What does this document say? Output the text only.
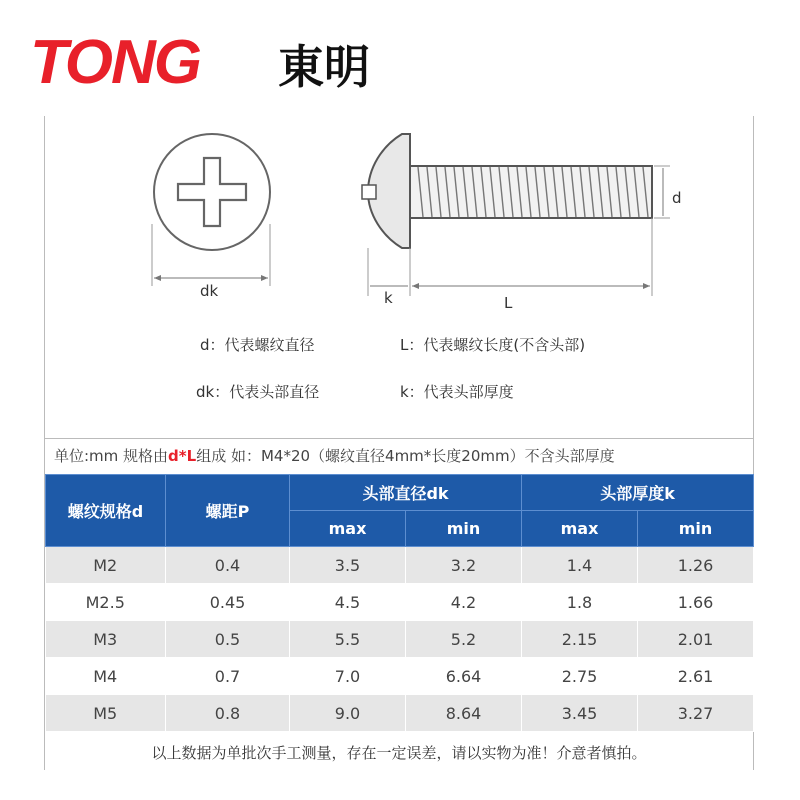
TONG 東明
dk	k	L
d
d：代表螺纹直径	L：代表螺纹长度(不含头部)
dk：代表头部直径	k：代表头部厚度
单位:mm 规格由d*L组成 如：M4*20（螺纹直径4mm*长度20mm）不含头部厚度
螺纹规格d	螺距P	头部直径dk		头部厚度k	
		max	min	max	min
M2	0.4	3.5	3.2	1.4	1.26
M2.5	0.45	4.5	4.2	1.8	1.66
M3	0.5	5.5	5.2	2.15	2.01
M4	0.7	7.0	6.64	2.75	2.61
M5	0.8	9.0	8.64	3.45	3.27
以上数据为单批次手工测量，存在一定误差，请以实物为准！介意者慎拍。
